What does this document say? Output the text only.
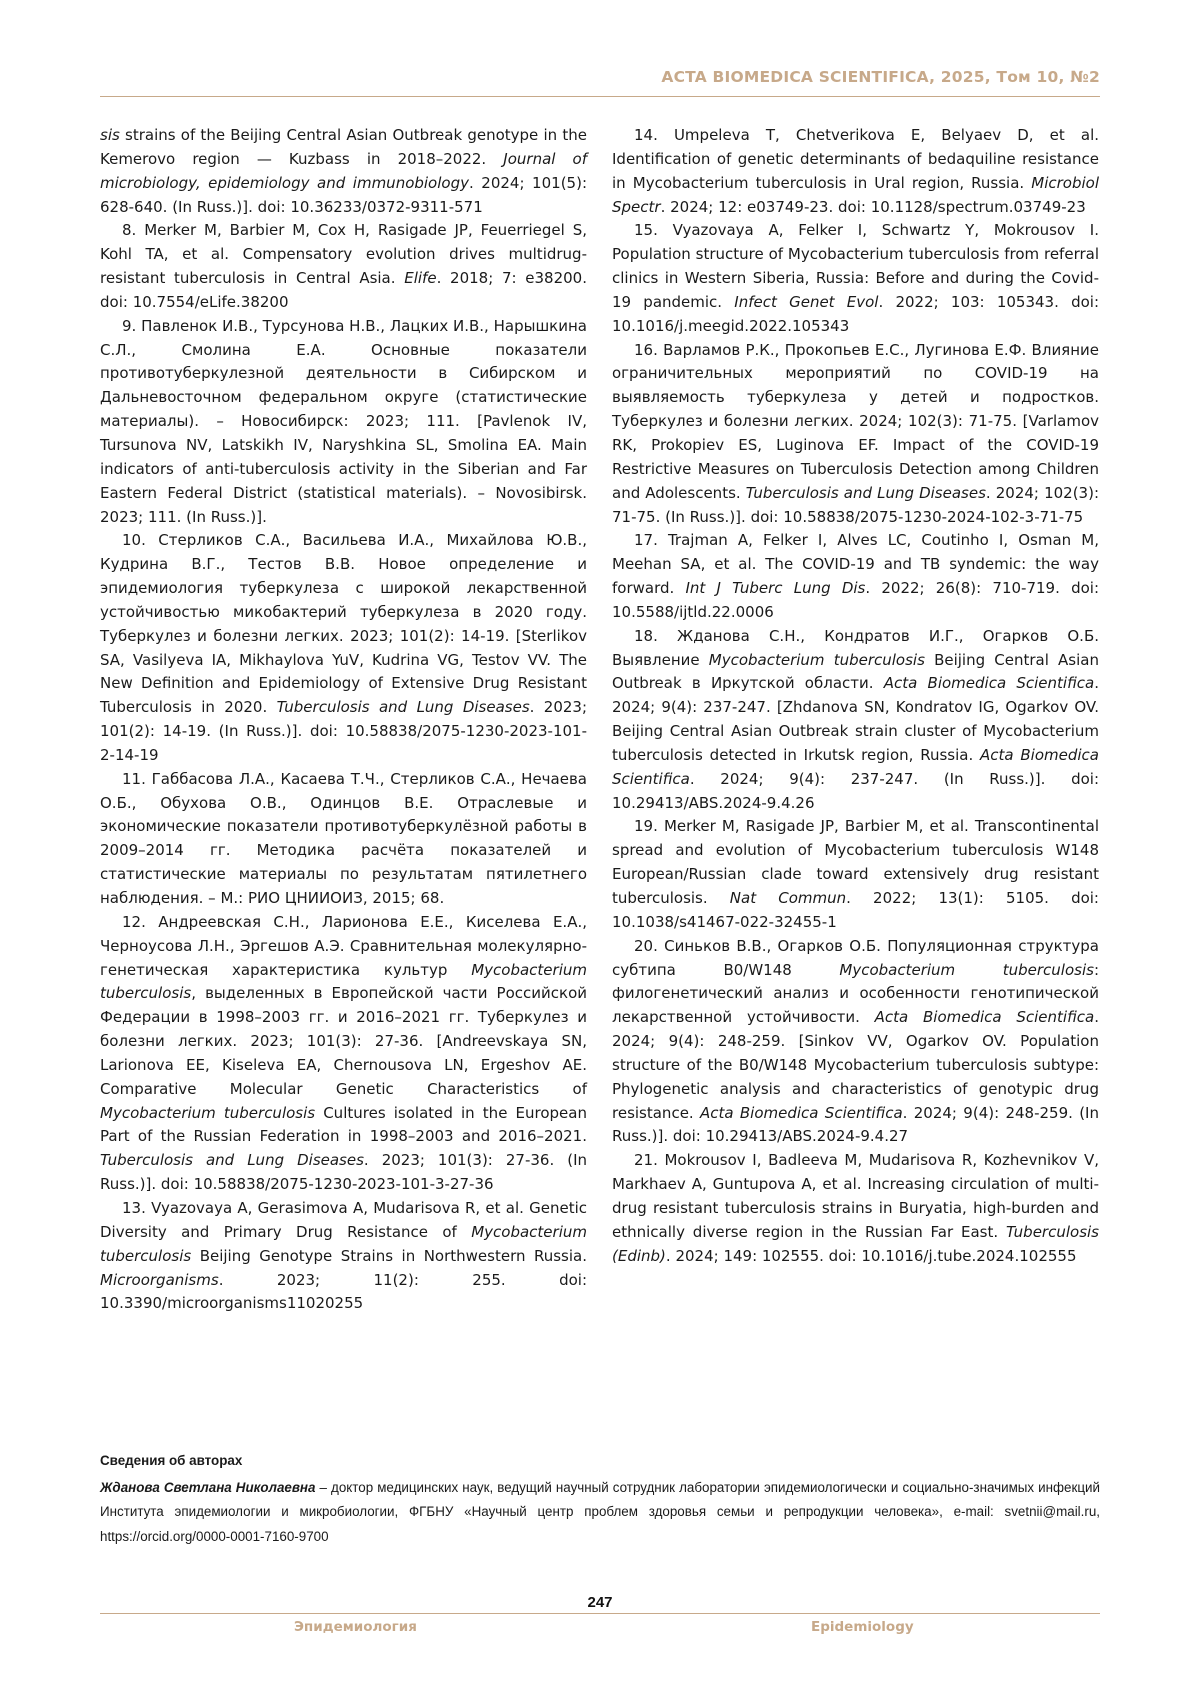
ACTA BIOMEDICA SCIENTIFICA, 2025, Том 10, №2

sis strains of the Beijing Central Asian Outbreak genotype in the Kemerovo region — Kuzbass in 2018–2022. Journal of microbiology, epidemiology and immunobiology. 2024; 101(5): 628-640. (In Russ.)]. doi: 10.36233/0372-9311-571

8. Merker M, Barbier M, Cox H, Rasigade JP, Feuerriegel S, Kohl TA, et al. Compensatory evolution drives multidrug-resistant tuberculosis in Central Asia. Elife. 2018; 7: e38200. doi: 10.7554/eLife.38200

9. Павленок И.В., Турсунова Н.В., Лацких И.В., Нарышкина С.Л., Смолина Е.А. Основные показатели противотуберкулезной деятельности в Сибирском и Дальневосточном федеральном округе (статистические материалы). – Новосибирск: 2023; 111. [Pavlenok IV, Tursunova NV, Latskikh IV, Naryshkina SL, Smolina EA. Main indicators of anti-tuberculosis activity in the Siberian and Far Eastern Federal District (statistical materials). – Novosibirsk. 2023; 111. (In Russ.)].

10. Стерликов С.А., Васильева И.А., Михайлова Ю.В., Кудрина В.Г., Тестов В.В. Новое определение и эпидемиология туберкулеза с широкой лекарственной устойчивостью микобактерий туберкулеза в 2020 году. Туберкулез и болезни легких. 2023; 101(2): 14-19. [Sterlikov SA, Vasilyeva IA, Mikhaylova YuV, Kudrina VG, Testov VV. The New Definition and Epidemiology of Extensive Drug Resistant Tuberculosis in 2020. Tuberculosis and Lung Diseases. 2023; 101(2): 14-19. (In Russ.)]. doi: 10.58838/2075-1230-2023-101-2-14-19

11. Габбасова Л.А., Касаева Т.Ч., Стерликов С.А., Нечаева О.Б., Обухова О.В., Одинцов В.Е. Отраслевые и экономические показатели противотуберкулёзной работы в 2009–2014 гг. Методика расчёта показателей и статистические материалы по результатам пятилетнего наблюдения. – М.: РИО ЦНИИОИЗ, 2015; 68.

12. Андреевская С.Н., Ларионова Е.Е., Киселева Е.А., Черноусова Л.Н., Эргешов А.Э. Сравнительная молекулярно-генетическая характеристика культур Mycobacterium tuberculosis, выделенных в Европейской части Российской Федерации в 1998–2003 гг. и 2016–2021 гг. Туберкулез и болезни легких. 2023; 101(3): 27-36. [Andreevskaya SN, Larionova EE, Kiseleva EA, Chernousova LN, Ergeshov AE. Comparative Molecular Genetic Characteristics of Mycobacterium tuberculosis Cultures isolated in the European Part of the Russian Federation in 1998–2003 and 2016–2021. Tuberculosis and Lung Diseases. 2023; 101(3): 27-36. (In Russ.)]. doi: 10.58838/2075-1230-2023-101-3-27-36

13. Vyazovaya A, Gerasimova A, Mudarisova R, et al. Genetic Diversity and Primary Drug Resistance of Mycobacterium tuberculosis Beijing Genotype Strains in Northwestern Russia. Microorganisms. 2023; 11(2): 255. doi: 10.3390/microorganisms11020255

14. Umpeleva T, Chetverikova E, Belyaev D, et al. Identification of genetic determinants of bedaquiline resistance in Mycobacterium tuberculosis in Ural region, Russia. Microbiol Spectr. 2024; 12: e03749-23. doi: 10.1128/spectrum.03749-23

15. Vyazovaya A, Felker I, Schwartz Y, Mokrousov I. Population structure of Mycobacterium tuberculosis from referral clinics in Western Siberia, Russia: Before and during the Covid-19 pandemic. Infect Genet Evol. 2022; 103: 105343. doi: 10.1016/j.meegid.2022.105343

16. Варламов Р.К., Прокопьев Е.С., Лугинова Е.Ф. Влияние ограничительных мероприятий по COVID-19 на выявляемость туберкулеза у детей и подростков. Туберкулез и болезни легких. 2024; 102(3): 71-75. [Varlamov RK, Prokopiev ES, Luginova EF. Impact of the COVID-19 Restrictive Measures on Tuberculosis Detection among Children and Adolescents. Tuberculosis and Lung Diseases. 2024; 102(3): 71-75. (In Russ.)]. doi: 10.58838/2075-1230-2024-102-3-71-75

17. Trajman A, Felker I, Alves LC, Coutinho I, Osman M, Meehan SA, et al. The COVID-19 and TB syndemic: the way forward. Int J Tuberc Lung Dis. 2022; 26(8): 710-719. doi: 10.5588/ijtld.22.0006

18. Жданова С.Н., Кондратов И.Г., Огарков О.Б. Выявление Mycobacterium tuberculosis Beijing Central Asian Outbreak в Иркутской области. Acta Biomedica Scientifica. 2024; 9(4): 237-247. [Zhdanova SN, Kondratov IG, Ogarkov OV. Beijing Central Asian Outbreak strain cluster of Mycobacterium tuberculosis detected in Irkutsk region, Russia. Acta Biomedica Scientifica. 2024; 9(4): 237-247. (In Russ.)]. doi: 10.29413/ABS.2024-9.4.26

19. Merker M, Rasigade JP, Barbier M, et al. Transcontinental spread and evolution of Mycobacterium tuberculosis W148 European/Russian clade toward extensively drug resistant tuberculosis. Nat Commun. 2022; 13(1): 5105. doi: 10.1038/s41467-022-32455-1

20. Синьков В.В., Огарков О.Б. Популяционная структура субтипа B0/W148 Mycobacterium tuberculosis: филогенетический анализ и особенности генотипической лекарственной устойчивости. Acta Biomedica Scientifica. 2024; 9(4): 248-259. [Sinkov VV, Ogarkov OV. Population structure of the B0/W148 Mycobacterium tuberculosis subtype: Phylogenetic analysis and characteristics of genotypic drug resistance. Acta Biomedica Scientifica. 2024; 9(4): 248-259. (In Russ.)]. doi: 10.29413/ABS.2024-9.4.27

21. Mokrousov I, Badleeva M, Mudarisova R, Kozhevnikov V, Markhaev A, Guntupova A, et al. Increasing circulation of multi-drug resistant tuberculosis strains in Buryatia, high-burden and ethnically diverse region in the Russian Far East. Tuberculosis (Edinb). 2024; 149: 102555. doi: 10.1016/j.tube.2024.102555

Сведения об авторах

Жданова Светлана Николаевна – доктор медицинских наук, ведущий научный сотрудник лаборатории эпидемиологически и социально-значимых инфекций Института эпидемиологии и микробиологии, ФГБНУ «Научный центр проблем здоровья семьи и репродукции человека», e-mail: svetnii@mail.ru, https://orcid.org/0000-0001-7160-9700

247
Эпидемиология	Epidemiology
